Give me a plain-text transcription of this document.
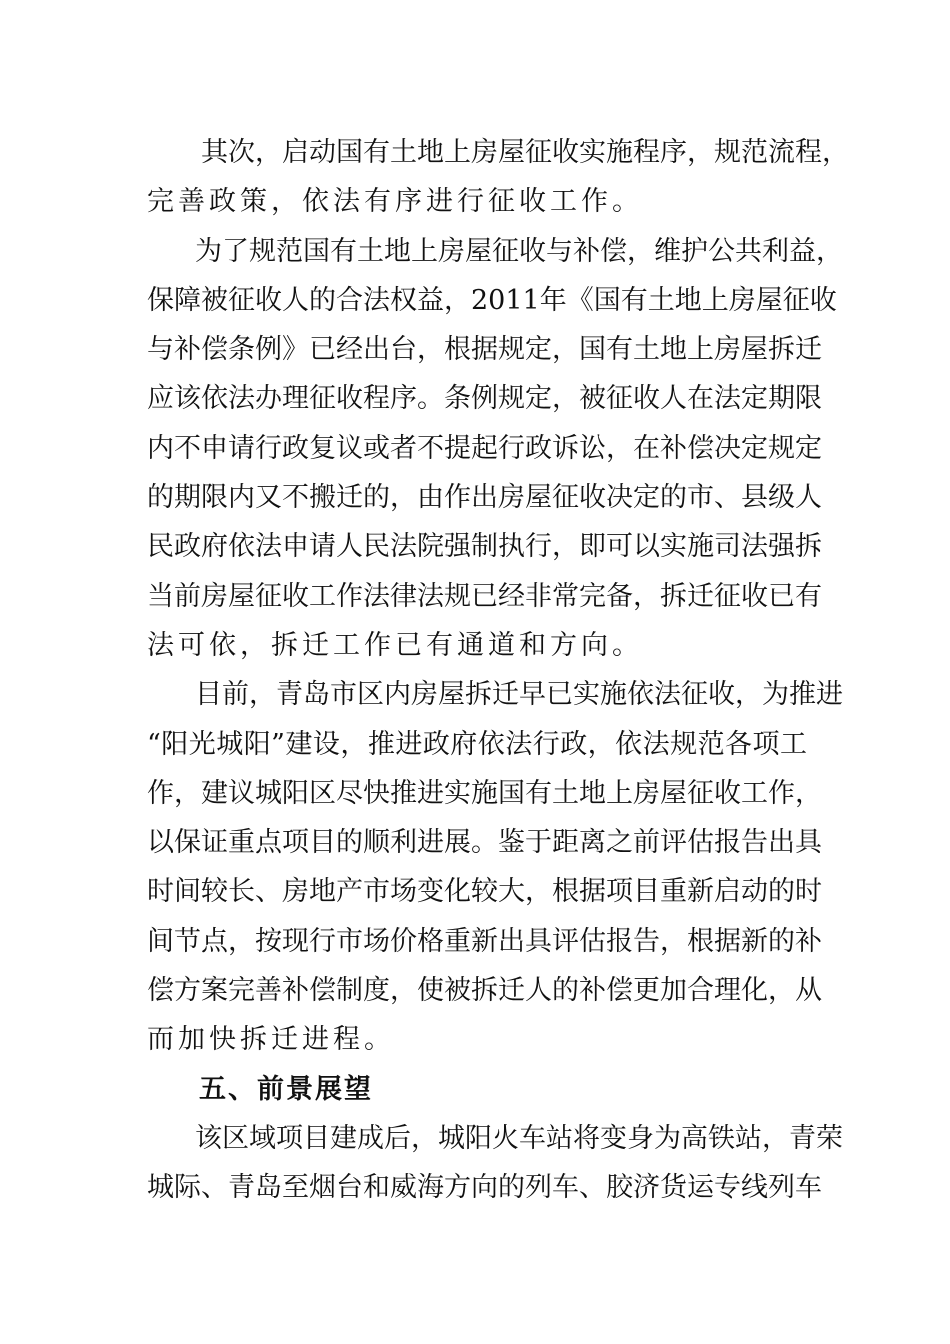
其次，启动国有土地上房屋征收实施程序，规范流程，
完善政策，依法有序进行征收工作。
为了规范国有土地上房屋征收与补偿，维护公共利益，
保障被征收人的合法权益，2011年《国有土地上房屋征收
与补偿条例》已经出台，根据规定，国有土地上房屋拆迁
应该依法办理征收程序。条例规定，被征收人在法定期限
内不申请行政复议或者不提起行政诉讼，在补偿决定规定
的期限内又不搬迁的，由作出房屋征收决定的市、县级人
民政府依法申请人民法院强制执行，即可以实施司法强拆
当前房屋征收工作法律法规已经非常完备，拆迁征收已有
法可依，拆迁工作已有通道和方向。
目前，青岛市区内房屋拆迁早已实施依法征收，为推进
“阳光城阳”建设，推进政府依法行政，依法规范各项工
作，建议城阳区尽快推进实施国有土地上房屋征收工作，
以保证重点项目的顺利进展。鉴于距离之前评估报告出具
时间较长、房地产市场变化较大，根据项目重新启动的时
间节点，按现行市场价格重新出具评估报告，根据新的补
偿方案完善补偿制度，使被拆迁人的补偿更加合理化，从
而加快拆迁进程。
五、前景展望
该区域项目建成后，城阳火车站将变身为高铁站，青荣
城际、青岛至烟台和威海方向的列车、胶济货运专线列车
